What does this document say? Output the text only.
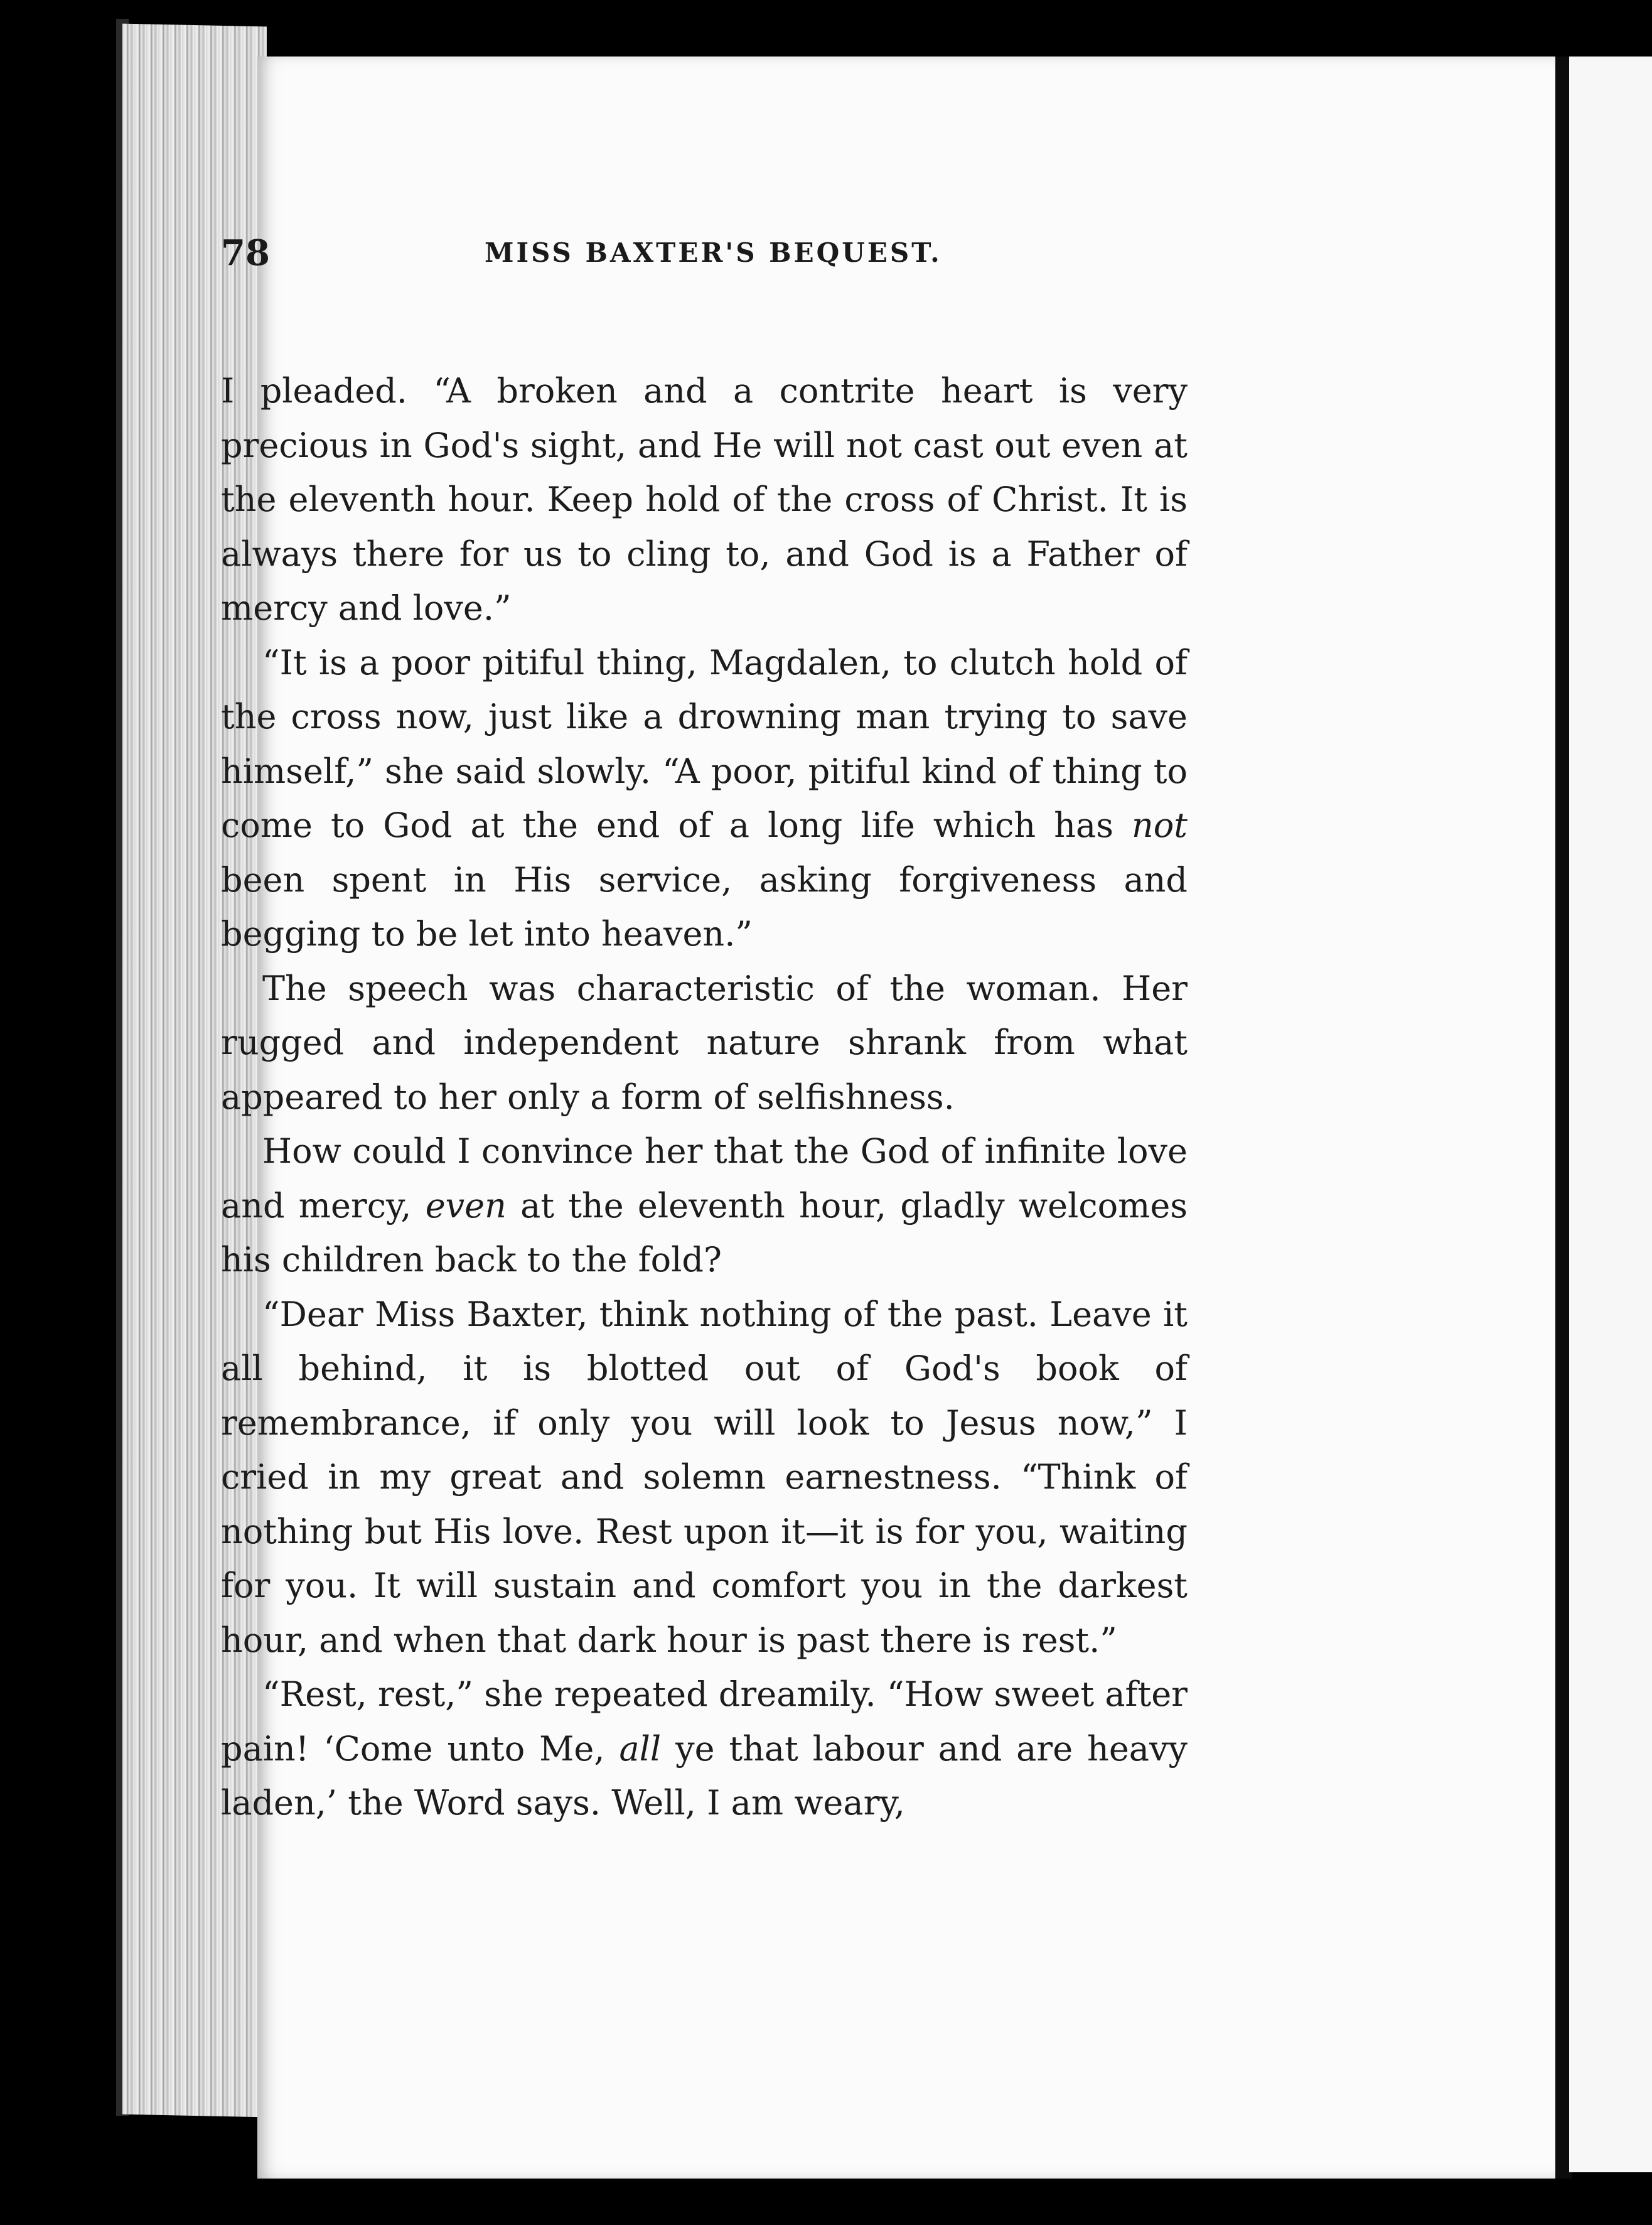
78	MISS BAXTER'S BEQUEST.

I pleaded. “A broken and a contrite heart is very precious in God's sight, and He will not cast out even at the eleventh hour. Keep hold of the cross of Christ. It is always there for us to cling to, and God is a Father of mercy and love.”

“It is a poor pitiful thing, Magdalen, to clutch hold of the cross now, just like a drowning man trying to save himself,” she said slowly. “A poor, pitiful kind of thing to come to God at the end of a long life which has not been spent in His service, asking forgiveness and begging to be let into heaven.”

The speech was characteristic of the woman. Her rugged and independent nature shrank from what appeared to her only a form of selfishness.

How could I convince her that the God of infinite love and mercy, even at the eleventh hour, gladly welcomes his children back to the fold?

“Dear Miss Baxter, think nothing of the past. Leave it all behind, it is blotted out of God's book of remembrance, if only you will look to Jesus now,” I cried in my great and solemn earnestness. “Think of nothing but His love. Rest upon it—it is for you, waiting for you. It will sustain and comfort you in the darkest hour, and when that dark hour is past there is rest.”

“Rest, rest,” she repeated dreamily. “How sweet after pain! ‘Come unto Me, all ye that labour and are heavy laden,’ the Word says. Well, I am weary,
